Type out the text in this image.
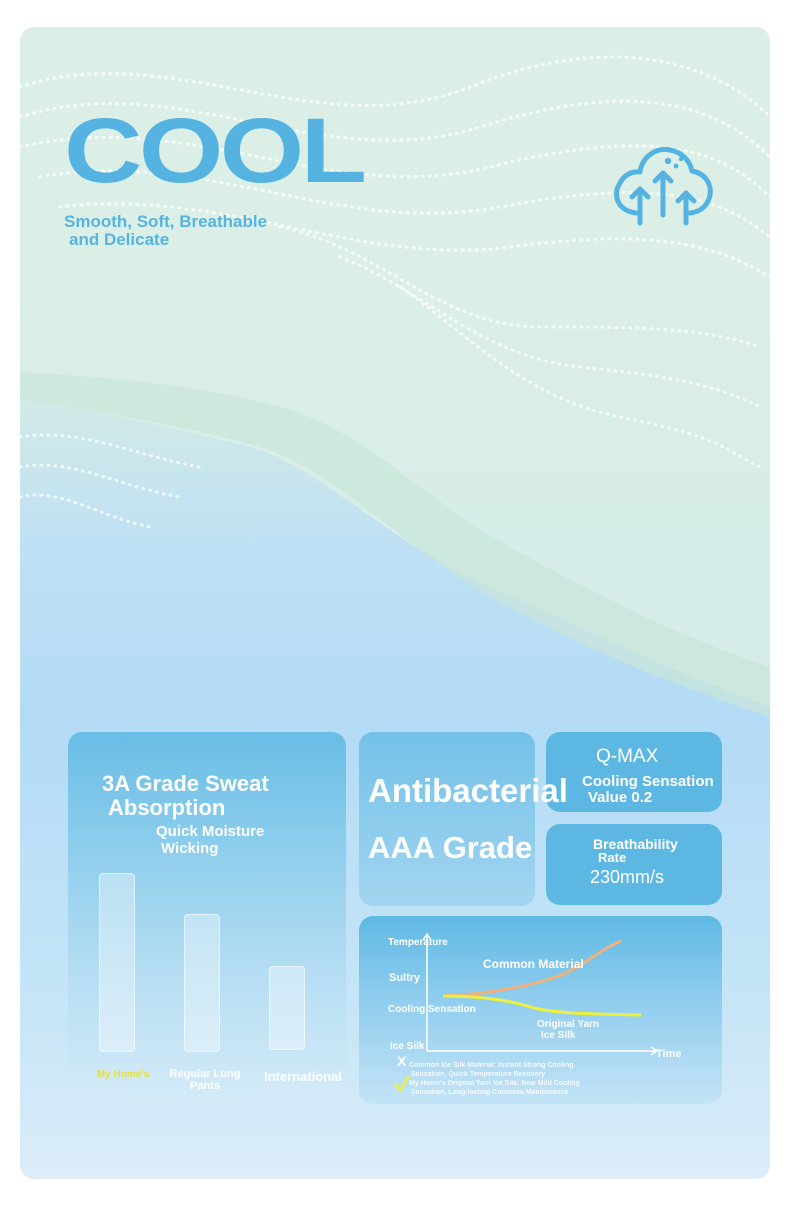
COOL
Smooth, Soft, Breathable
and Delicate
3A Grade Sweat
Absorption
Quick Moisture
Wicking
My Home's	Regular Long
Pants
International
Q-MAX
Cooling Sensation
Value 0.2
Breathability
Rate
230mm/s
Antibacterial
AAA Grade
X
Temperature
Sultry
Cooling Sensation
Ice Silk
Common Material
Original Yarn
Ice Silk
Time
Common Ice Silk Material: Instant Strong Cooling
Sensation, Quick Temperature Recovery
My Home's Original Yarn Ice Silk: New Mild Cooling
Sensation, Long-lasting Coolness Maintenance
